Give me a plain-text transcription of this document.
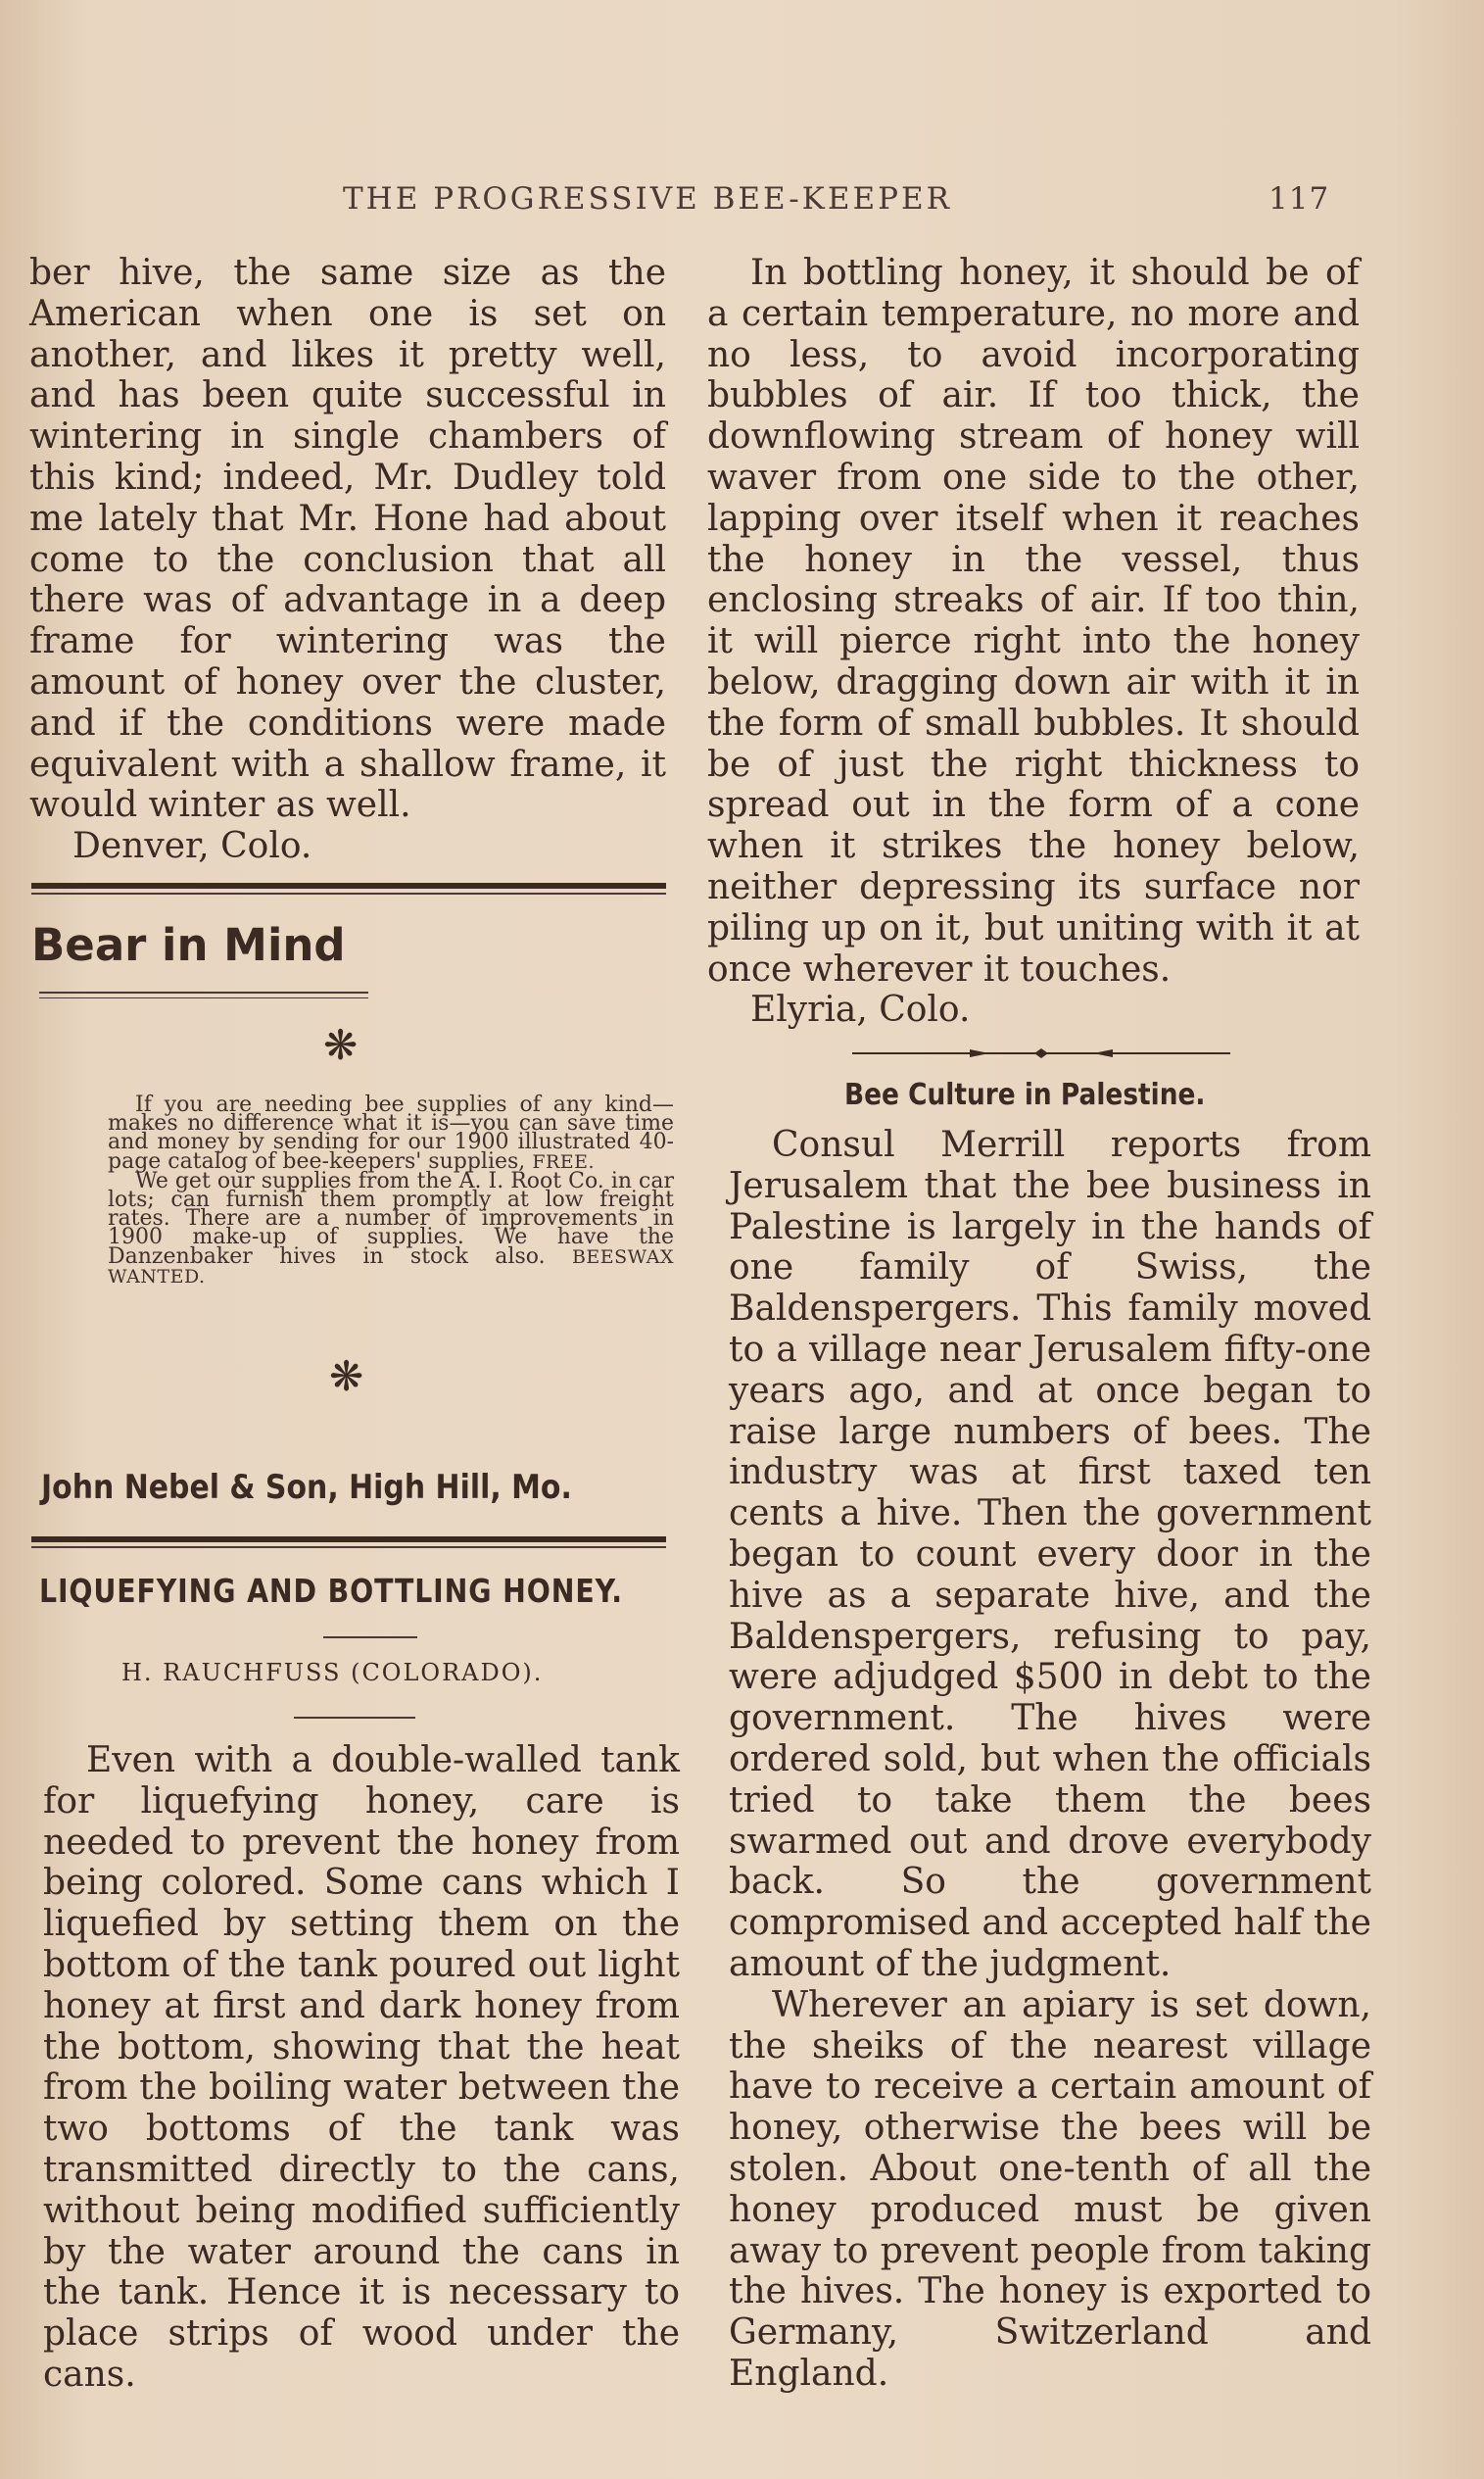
THE PROGRESSIVE BEE-KEEPER	117

ber hive, the same size as the American when one is set on another, and likes it pretty well, and has been quite successful in wintering in single chambers of this kind; indeed, Mr. Dudley told me lately that Mr. Hone had about come to the conclusion that all there was of advantage in a deep frame for wintering was the amount of honey over the cluster, and if the conditions were made equivalent with a shallow frame, it would winter as well.

Denver, Colo.

Bear in Mind
❋

If you are needing bee supplies of any kind—makes no difference what it is—you can save time and money by sending for our 1900 illustrated 40-page catalog of bee-keepers' supplies, FREE.

We get our supplies from the A. I. Root Co. in car lots; can furnish them promptly at low freight rates. There are a number of improvements in 1900 make-up of supplies. We have the Danzenbaker hives in stock also. BEESWAX WANTED.

❋
John Nebel & Son, High Hill, Mo.
LIQUEFYING AND BOTTLING HONEY.
H. RAUCHFUSS (COLORADO).

Even with a double-walled tank for liquefying honey, care is needed to prevent the honey from being colored. Some cans which I liquefied by setting them on the bottom of the tank poured out light honey at first and dark honey from the bottom, showing that the heat from the boiling water between the two bottoms of the tank was transmitted directly to the cans, without being modified sufficiently by the water around the cans in the tank. Hence it is necessary to place strips of wood under the cans.

In bottling honey, it should be of a certain temperature, no more and no less, to avoid incorporating bubbles of air. If too thick, the downflowing stream of honey will waver from one side to the other, lapping over itself when it reaches the honey in the vessel, thus enclosing streaks of air. If too thin, it will pierce right into the honey below, dragging down air with it in the form of small bubbles. It should be of just the right thickness to spread out in the form of a cone when it strikes the honey below, neither depressing its surface nor piling up on it, but uniting with it at once wherever it touches.

Elyria, Colo.

Bee Culture in Palestine.

Consul Merrill reports from Jerusalem that the bee business in Palestine is largely in the hands of one family of Swiss, the Baldenspergers. This family moved to a village near Jerusalem fifty-one years ago, and at once began to raise large numbers of bees. The industry was at first taxed ten cents a hive. Then the government began to count every door in the hive as a separate hive, and the Baldenspergers, refusing to pay, were adjudged $500 in debt to the government. The hives were ordered sold, but when the officials tried to take them the bees swarmed out and drove everybody back. So the government compromised and accepted half the amount of the judgment.

Wherever an apiary is set down, the sheiks of the nearest village have to receive a certain amount of honey, otherwise the bees will be stolen. About one-tenth of all the honey produced must be given away to prevent people from taking the hives. The honey is exported to Germany, Switzerland and England.
